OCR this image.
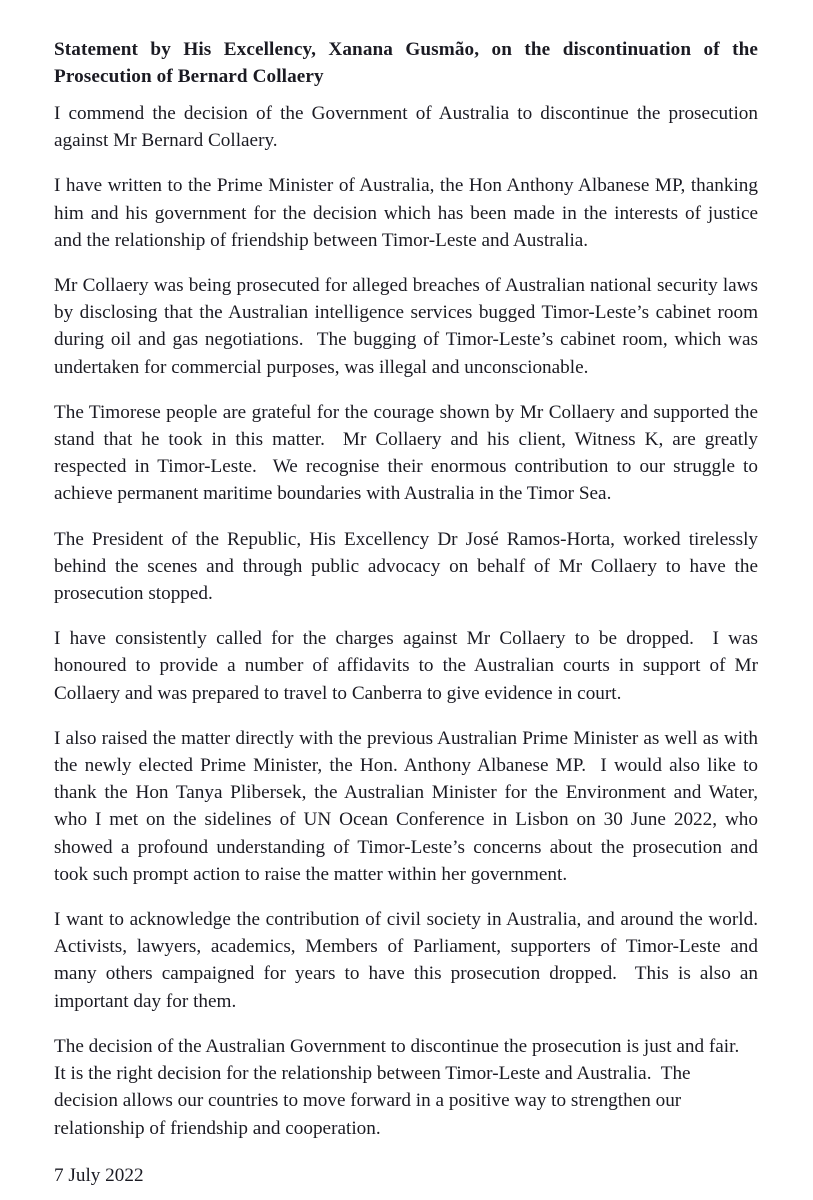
Statement by His Excellency, Xanana Gusmão, on the discontinuation of the Prosecution of Bernard Collaery

I commend the decision of the Government of Australia to discontinue the prosecution against Mr Bernard Collaery.

I have written to the Prime Minister of Australia, the Hon Anthony Albanese MP, thanking him and his government for the decision which has been made in the interests of justice and the relationship of friendship between Timor-Leste and Australia.

Mr Collaery was being prosecuted for alleged breaches of Australian national security laws by disclosing that the Australian intelligence services bugged Timor-Leste’s cabinet room during oil and gas negotiations.  The bugging of Timor-Leste’s cabinet room, which was undertaken for commercial purposes, was illegal and unconscionable.

The Timorese people are grateful for the courage shown by Mr Collaery and supported the stand that he took in this matter.  Mr Collaery and his client, Witness K, are greatly respected in Timor-Leste.  We recognise their enormous contribution to our struggle to achieve permanent maritime boundaries with Australia in the Timor Sea.

The President of the Republic, His Excellency Dr José Ramos-Horta, worked tirelessly behind the scenes and through public advocacy on behalf of Mr Collaery to have the prosecution stopped.

I have consistently called for the charges against Mr Collaery to be dropped.  I was honoured to provide a number of affidavits to the Australian courts in support of Mr Collaery and was prepared to travel to Canberra to give evidence in court.

I also raised the matter directly with the previous Australian Prime Minister as well as with the newly elected Prime Minister, the Hon. Anthony Albanese MP.  I would also like to thank the Hon Tanya Plibersek, the Australian Minister for the Environment and Water, who I met on the sidelines of UN Ocean Conference in Lisbon on 30 June 2022, who showed a profound understanding of Timor-Leste’s concerns about the prosecution and took such prompt action to raise the matter within her government.

I want to acknowledge the contribution of civil society in Australia, and around the world.  Activists, lawyers, academics, Members of Parliament, supporters of Timor-Leste and many others campaigned for years to have this prosecution dropped.  This is also an important day for them.

The decision of the Australian Government to discontinue the prosecution is just and fair.  It is the right decision for the relationship between Timor-Leste and Australia.  The decision allows our countries to move forward in a positive way to strengthen our relationship of friendship and cooperation.

7 July 2022
